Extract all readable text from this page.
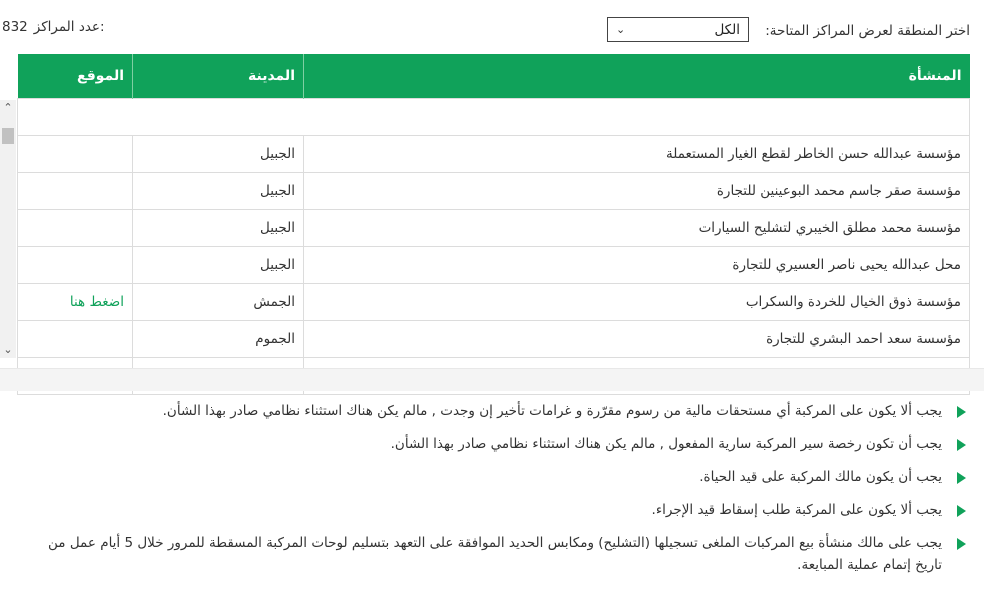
اختر المنطقة لعرض المراكز المتاحة:
⌄	الكل
832 عدد المراكز:
المنشأة	المدينة	الموقع

مؤسسة عبدالله حسن الخاطر لقطع الغيار المستعملة	الجبيل	
مؤسسة صقر جاسم محمد البوعينين للتجارة	الجبيل	
مؤسسة محمد مطلق الخيبري لتشليح السيارات	الجبيل	
محل عبدالله يحيى ناصر العسيري للتجارة	الجبيل	
مؤسسة ذوق الخيال للخردة والسكراب	الجمش	اضغط هنا
مؤسسة سعد احمد البشري للتجارة	الجموم	

⌃
⌄
يجب ألا يكون على المركبة أي مستحقات مالية من رسوم مقرّرة و غرامات تأخير إن وجدت , مالم يكن هناك استثناء نظامي صادر بهذا الشأن.
يجب أن تكون رخصة سير المركبة سارية المفعول , مالم يكن هناك استثناء نظامي صادر بهذا الشأن.
يجب أن يكون مالك المركبة على قيد الحياة.
يجب ألا يكون على المركبة طلب إسقاط قيد الإجراء.
يجب على مالك منشأة بيع المركبات الملغى تسجيلها (التشليح) ومكابس الحديد الموافقة على التعهد بتسليم لوحات المركبة المسقطة للمرور خلال 5 أيام عمل من تاريخ إتمام عملية المبايعة.
